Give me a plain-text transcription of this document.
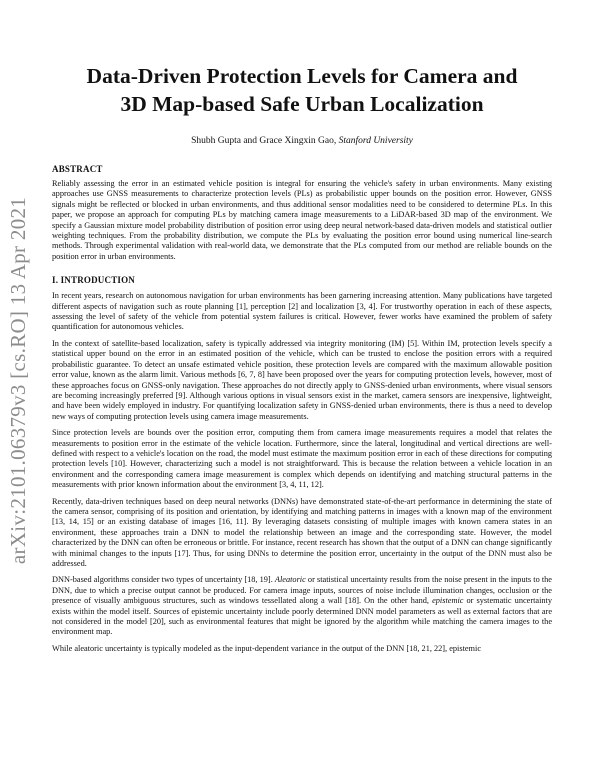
arXiv:2101.06379v3 [cs.RO] 13 Apr 2021
Data-Driven Protection Levels for Camera and
3D Map-based Safe Urban Localization
Shubh Gupta and Grace Xingxin Gao, Stanford University
ABSTRACT

Reliably assessing the error in an estimated vehicle position is integral for ensuring the vehicle's safety in urban environments. Many existing approaches use GNSS measurements to characterize protection levels (PLs) as probabilistic upper bounds on the position error. However, GNSS signals might be reflected or blocked in urban environments, and thus additional sensor modalities need to be considered to determine PLs. In this paper, we propose an approach for computing PLs by matching camera image measurements to a LiDAR-based 3D map of the environment. We specify a Gaussian mixture model probability distribution of position error using deep neural network-based data-driven models and statistical outlier weighting techniques. From the probability distribution, we compute the PLs by evaluating the position error bound using numerical line-search methods. Through experimental validation with real-world data, we demonstrate that the PLs computed from our method are reliable bounds on the position error in urban environments.

I. INTRODUCTION

In recent years, research on autonomous navigation for urban environments has been garnering increasing attention. Many publications have targeted different aspects of navigation such as route planning [1], perception [2] and localization [3, 4]. For trustworthy operation in each of these aspects, assessing the level of safety of the vehicle from potential system failures is critical. However, fewer works have examined the problem of safety quantification for autonomous vehicles.

In the context of satellite-based localization, safety is typically addressed via integrity monitoring (IM) [5]. Within IM, protection levels specify a statistical upper bound on the error in an estimated position of the vehicle, which can be trusted to enclose the position errors with a required probabilistic guarantee. To detect an unsafe estimated vehicle position, these protection levels are compared with the maximum allowable position error value, known as the alarm limit. Various methods [6, 7, 8] have been proposed over the years for computing protection levels, however, most of these approaches focus on GNSS-only navigation. These approaches do not directly apply to GNSS-denied urban environments, where visual sensors are becoming increasingly preferred [9]. Although various options in visual sensors exist in the market, camera sensors are inexpensive, lightweight, and have been widely employed in industry. For quantifying localization safety in GNSS-denied urban environments, there is thus a need to develop new ways of computing protection levels using camera image measurements.

Since protection levels are bounds over the position error, computing them from camera image measurements requires a model that relates the measurements to position error in the estimate of the vehicle location. Furthermore, since the lateral, longitudinal and vertical directions are well-defined with respect to a vehicle's location on the road, the model must estimate the maximum position error in each of these directions for computing protection levels [10]. However, characterizing such a model is not straightforward. This is because the relation between a vehicle location in an environment and the corresponding camera image measurement is complex which depends on identifying and matching structural patterns in the measurements with prior known information about the environment [3, 4, 11, 12].

Recently, data-driven techniques based on deep neural networks (DNNs) have demonstrated state-of-the-art performance in determining the state of the camera sensor, comprising of its position and orientation, by identifying and matching patterns in images with a known map of the environment [13, 14, 15] or an existing database of images [16, 11]. By leveraging datasets consisting of multiple images with known camera states in an environment, these approaches train a DNN to model the relationship between an image and the corresponding state. However, the model characterized by the DNN can often be erroneous or brittle. For instance, recent research has shown that the output of a DNN can change significantly with minimal changes to the inputs [17]. Thus, for using DNNs to determine the position error, uncertainty in the output of the DNN must also be addressed.

DNN-based algorithms consider two types of uncertainty [18, 19]. Aleatoric or statistical uncertainty results from the noise present in the inputs to the DNN, due to which a precise output cannot be produced. For camera image inputs, sources of noise include illumination changes, occlusion or the presence of visually ambiguous structures, such as windows tessellated along a wall [18]. On the other hand, epistemic or systematic uncertainty exists within the model itself. Sources of epistemic uncertainty include poorly determined DNN model parameters as well as external factors that are not considered in the model [20], such as environmental features that might be ignored by the algorithm while matching the camera images to the environment map.

While aleatoric uncertainty is typically modeled as the input-dependent variance in the output of the DNN [18, 21, 22], epistemic
